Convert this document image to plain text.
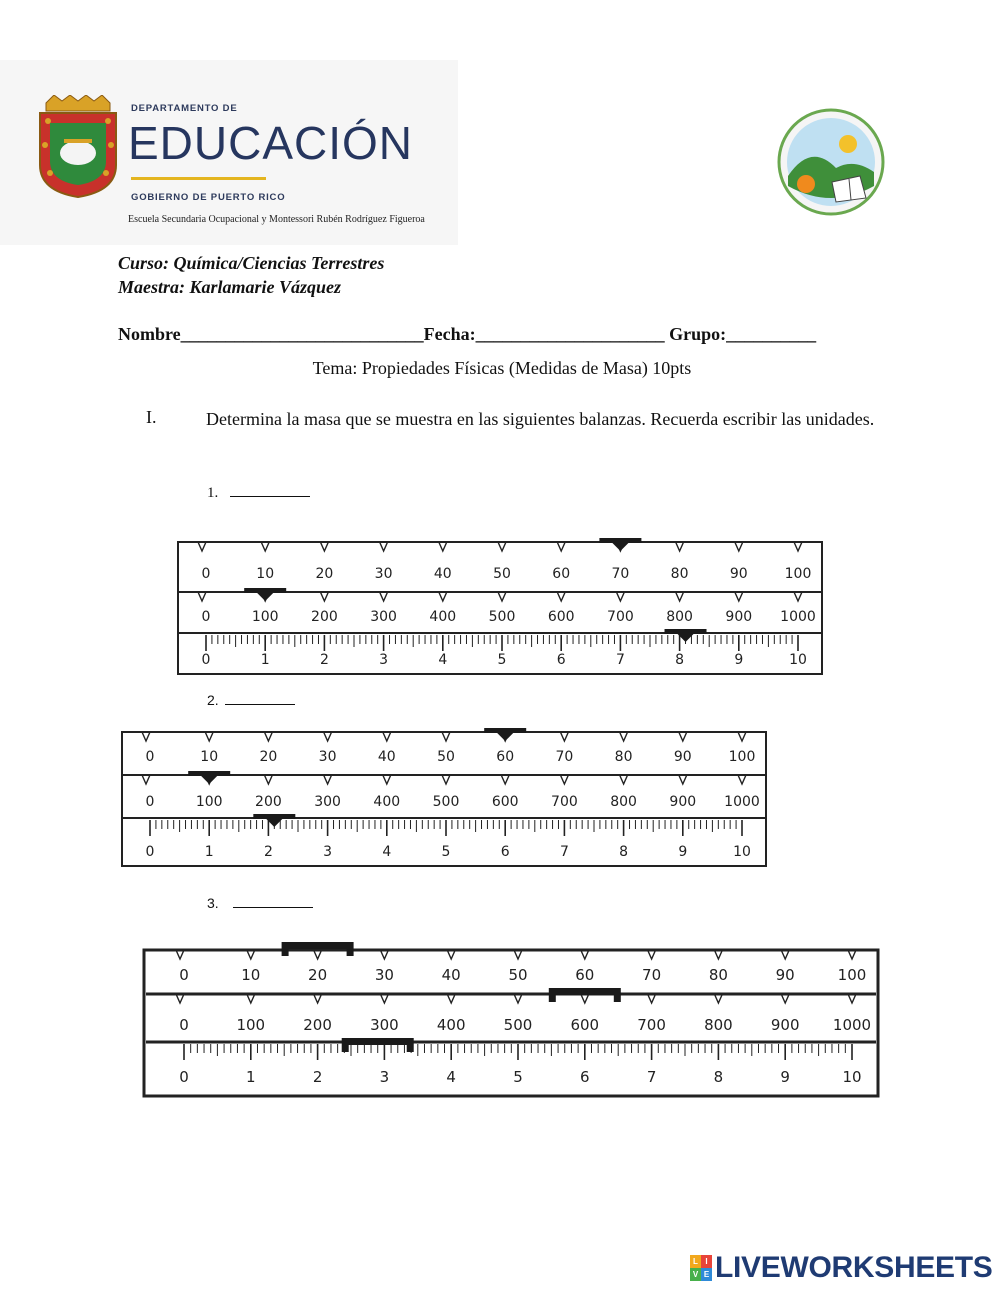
DEPARTAMENTO DE
EDUCACIÓN
GOBIERNO DE PUERTO RICO
Escuela Secundaria Ocupacional y Montessori Rubén Rodríguez Figueroa
Curso: Química/Ciencias Terrestres
Maestra: Karlamarie Vázquez
Nombre___________________________Fecha:_____________________ Grupo:__________
Tema: Propiedades Físicas (Medidas de Masa) 10pts
I.	Determina la masa que se muestra en las siguientes balanzas. Recuerda escribir las unidades.
1.
0	10	20	30	40	50	60	70	80	90	100
0	100 200 300 400 500 600 700 800 900 1000
0	1	2	3	4	5	6	7	8	9	10
2.
0	10	20	30	40	50	60	70	80	90	100
0	100 200 300 400 500 600 700 800 900 1000
0	1	2	3	4	5	6	7	8	9	10
3.
0	10	20	30	40	50	60	70	80	90	100
0	100	200	300	400	500	600	700	800	900 1000
0	1	2	3	4	5	6	7	8	9	10
L I
V E LIVEWORKSHEETS
